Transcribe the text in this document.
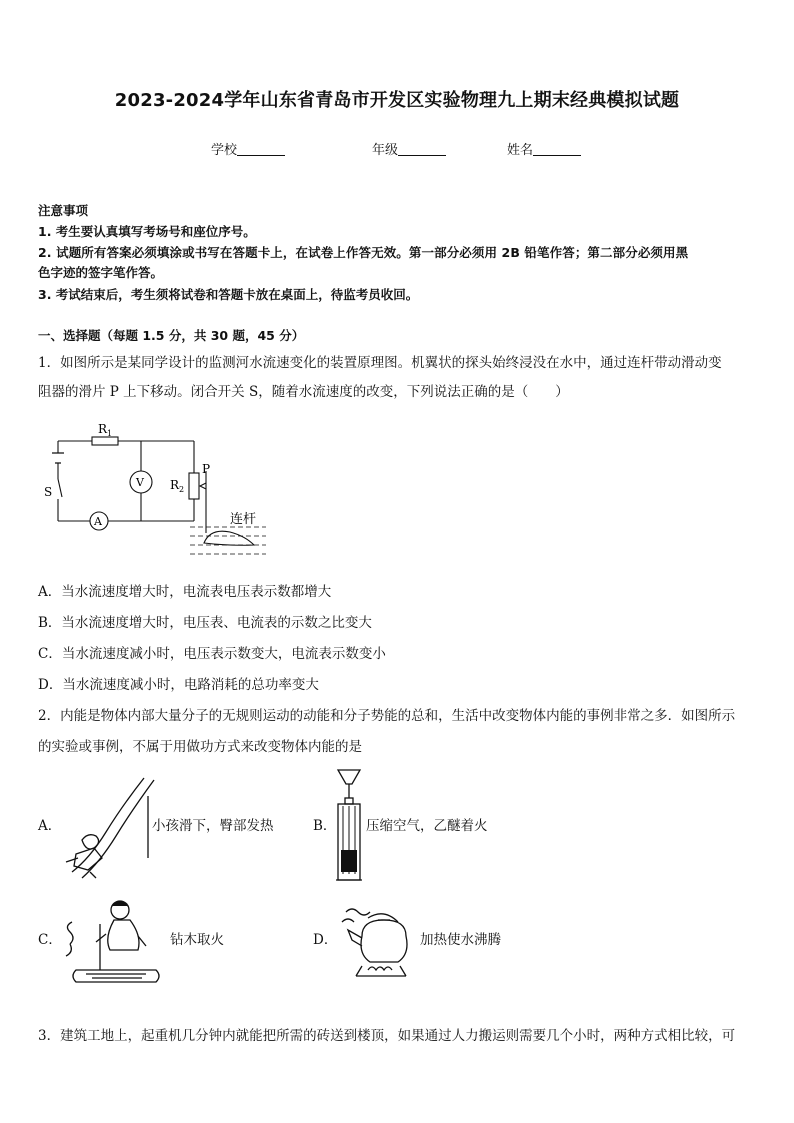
2023-2024学年山东省青岛市开发区实验物理九上期末经典模拟试题
学校	年级	姓名
注意事项
1. 考生要认真填写考场号和座位序号。
2. 试题所有答案必须填涂或书写在答题卡上，在试卷上作答无效。第一部分必须用 2B 铅笔作答；第二部分必须用黑
色字迹的签字笔作答。
3. 考试结束后，考生须将试卷和答题卡放在桌面上，待监考员收回。
一、选择题（每题 1.5 分，共 30 题，45 分）
1．如图所示是某同学设计的监测河水流速变化的装置原理图。机翼状的探头始终浸没在水中，通过连杆带动滑动变
阻器的滑片 P 上下移动。闭合开关 S，随着水流速度的改变，下列说法正确的是（　　）
R 1
R 2
P
S
V
A	连杆
A．当水流速度增大时，电流表电压表示数都增大
B．当水流速度增大时，电压表、电流表的示数之比变大
C．当水流速度减小时，电压表示数变大，电流表示数变小
D．当水流速度减小时，电路消耗的总功率变大
2．内能是物体内部大量分子的无规则运动的动能和分子势能的总和，生活中改变物体内能的事例非常之多．如图所示
的实验或事例，不属于用做功方式来改变物体内能的是
A．	小孩滑下，臀部发热	B． 压缩空气，乙醚着火
C．	钻木取火	D．	加热使水沸腾
3．建筑工地上，起重机几分钟内就能把所需的砖送到楼顶，如果通过人力搬运则需要几个小时，两种方式相比较，可
